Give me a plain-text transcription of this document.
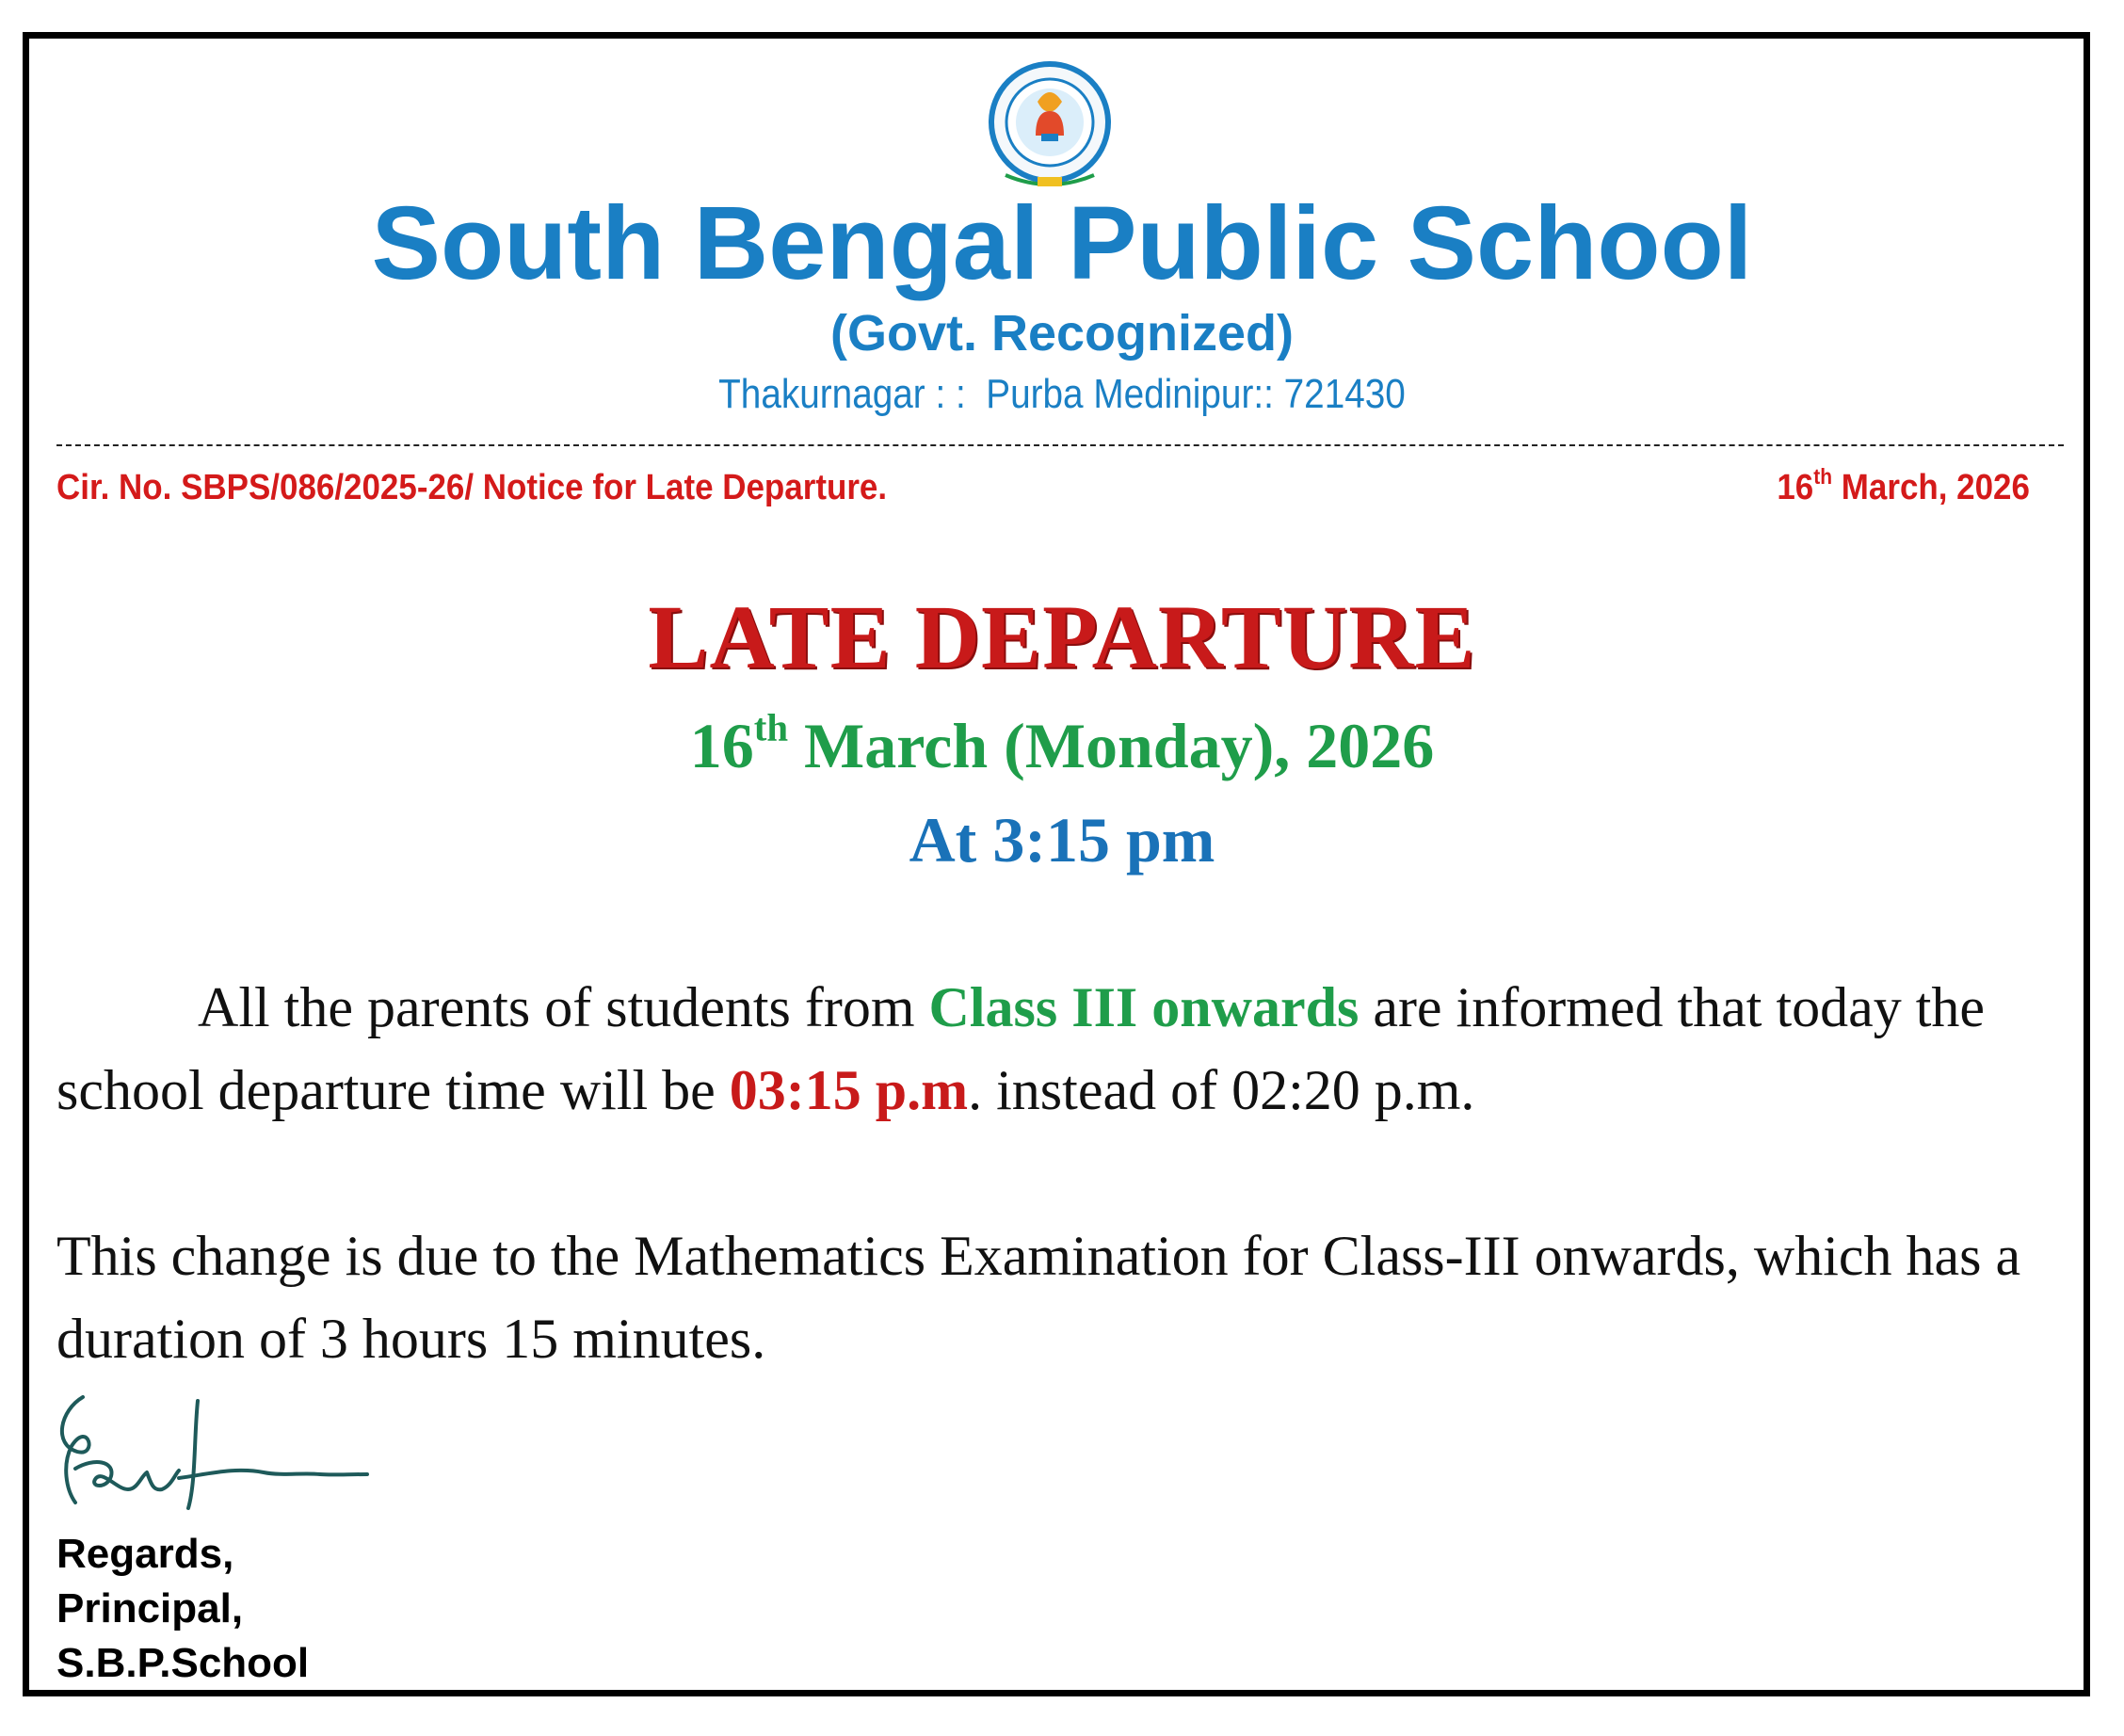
South Bengal Public School
(Govt. Recognized)
Thakurnagar : :  Purba Medinipur:: 721430
Cir. No. SBPS/086/2025-26/ Notice for Late Departure.	16th March, 2026
LATE DEPARTURE
16th March (Monday), 2026
At 3:15 pm
All the parents of students from Class III onwards are informed that today the school departure time will be 03:15 p.m. instead of 02:20 p.m.
This change is due to the Mathematics Examination for Class-III onwards, which has a duration of 3 hours 15 minutes.
Regards,
Principal,
S.B.P.School
